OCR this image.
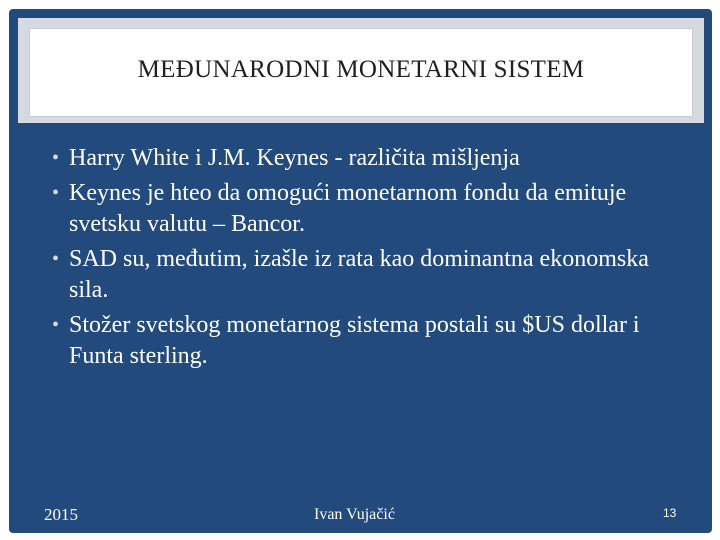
MEĐUNARODNI MONETARNI SISTEM
• Harry White i J.M. Keynes - različita mišljenja
• Keynes je hteo da omogući monetarnom fondu da emituje svetsku valutu – Bancor.
• SAD su, međutim, izašle iz rata kao dominantna ekonomska sila.
• Stožer svetskog monetarnog sistema postali su $US dollar i Funta sterling.
2015	Ivan Vujačić	13
